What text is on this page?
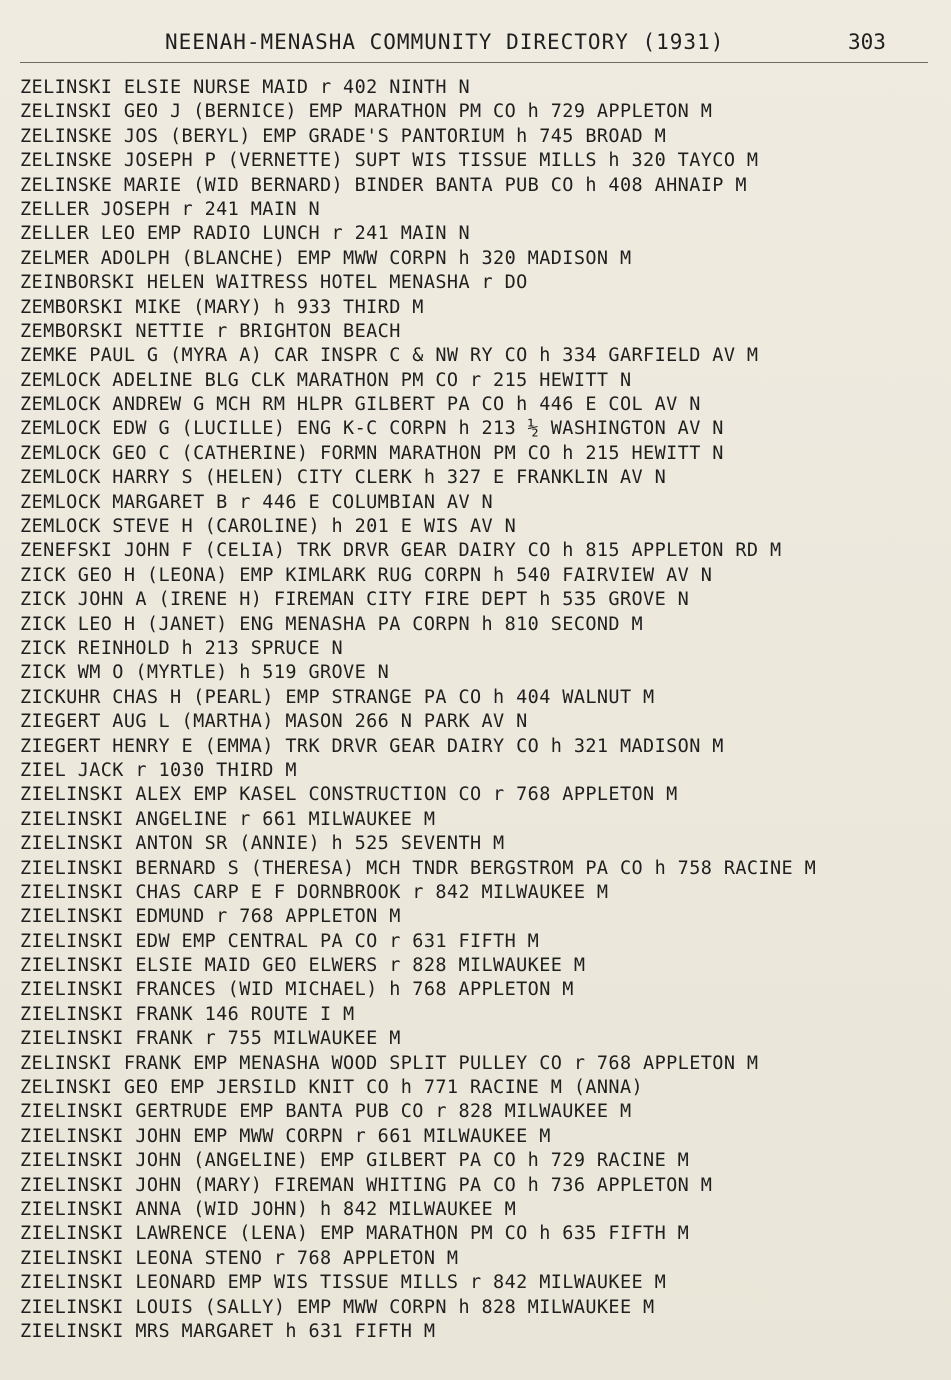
NEENAH-MENASHA COMMUNITY DIRECTORY (1931)	303
ZELINSKI ELSIE NURSE MAID r 402 NINTH N
ZELINSKI GEO J (BERNICE) EMP MARATHON PM CO h 729 APPLETON M
ZELINSKE JOS (BERYL) EMP GRADE'S PANTORIUM h 745 BROAD M
ZELINSKE JOSEPH P (VERNETTE) SUPT WIS TISSUE MILLS h 320 TAYCO M
ZELINSKE MARIE (WID BERNARD) BINDER BANTA PUB CO h 408 AHNAIP M
ZELLER JOSEPH r 241 MAIN N
ZELLER LEO EMP RADIO LUNCH r 241 MAIN N
ZELMER ADOLPH (BLANCHE) EMP MWW CORPN h 320 MADISON M
ZEINBORSKI HELEN WAITRESS HOTEL MENASHA r DO
ZEMBORSKI MIKE (MARY) h 933 THIRD M
ZEMBORSKI NETTIE r BRIGHTON BEACH
ZEMKE PAUL G (MYRA A) CAR INSPR C & NW RY CO h 334 GARFIELD AV M
ZEMLOCK ADELINE BLG CLK MARATHON PM CO r 215 HEWITT N
ZEMLOCK ANDREW G MCH RM HLPR GILBERT PA CO h 446 E COL AV N
ZEMLOCK EDW G (LUCILLE) ENG K-C CORPN h 213 ½ WASHINGTON AV N
ZEMLOCK GEO C (CATHERINE) FORMN MARATHON PM CO h 215 HEWITT N
ZEMLOCK HARRY S (HELEN) CITY CLERK h 327 E FRANKLIN AV N
ZEMLOCK MARGARET B r 446 E COLUMBIAN AV N
ZEMLOCK STEVE H (CAROLINE) h 201 E WIS AV N
ZENEFSKI JOHN F (CELIA) TRK DRVR GEAR DAIRY CO h 815 APPLETON RD M
ZICK GEO H (LEONA) EMP KIMLARK RUG CORPN h 540 FAIRVIEW AV N
ZICK JOHN A (IRENE H) FIREMAN CITY FIRE DEPT h 535 GROVE N
ZICK LEO H (JANET) ENG MENASHA PA CORPN h 810 SECOND M
ZICK REINHOLD h 213 SPRUCE N
ZICK WM O (MYRTLE) h 519 GROVE N
ZICKUHR CHAS H (PEARL) EMP STRANGE PA CO h 404 WALNUT M
ZIEGERT AUG L (MARTHA) MASON 266 N PARK AV N
ZIEGERT HENRY E (EMMA) TRK DRVR GEAR DAIRY CO h 321 MADISON M
ZIEL JACK r 1030 THIRD M
ZIELINSKI ALEX EMP KASEL CONSTRUCTION CO r 768 APPLETON M
ZIELINSKI ANGELINE r 661 MILWAUKEE M
ZIELINSKI ANTON SR (ANNIE) h 525 SEVENTH M
ZIELINSKI BERNARD S (THERESA) MCH TNDR BERGSTROM PA CO h 758 RACINE M
ZIELINSKI CHAS CARP E F DORNBROOK r 842 MILWAUKEE M
ZIELINSKI EDMUND r 768 APPLETON M
ZIELINSKI EDW EMP CENTRAL PA CO r 631 FIFTH M
ZIELINSKI ELSIE MAID GEO ELWERS r 828 MILWAUKEE M
ZIELINSKI FRANCES (WID MICHAEL) h 768 APPLETON M
ZIELINSKI FRANK 146 ROUTE I M
ZIELINSKI FRANK r 755 MILWAUKEE M
ZELINSKI FRANK EMP MENASHA WOOD SPLIT PULLEY CO r 768 APPLETON M
ZELINSKI GEO EMP JERSILD KNIT CO h 771 RACINE M (ANNA)
ZIELINSKI GERTRUDE EMP BANTA PUB CO r 828 MILWAUKEE M
ZIELINSKI JOHN EMP MWW CORPN r 661 MILWAUKEE M
ZIELINSKI JOHN (ANGELINE) EMP GILBERT PA CO h 729 RACINE M
ZIELINSKI JOHN (MARY) FIREMAN WHITING PA CO h 736 APPLETON M
ZIELINSKI ANNA (WID JOHN) h 842 MILWAUKEE M
ZIELINSKI LAWRENCE (LENA) EMP MARATHON PM CO h 635 FIFTH M
ZIELINSKI LEONA STENO r 768 APPLETON M
ZIELINSKI LEONARD EMP WIS TISSUE MILLS r 842 MILWAUKEE M
ZIELINSKI LOUIS (SALLY) EMP MWW CORPN h 828 MILWAUKEE M
ZIELINSKI MRS MARGARET h 631 FIFTH M
